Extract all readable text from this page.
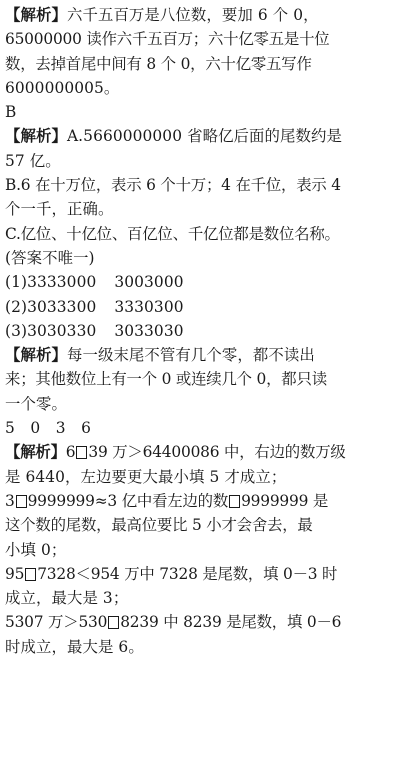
【解析】六千五百万是八位数，要加 6 个 0，
65000000 读作六千五百万；六十亿零五是十位
数，去掉首尾中间有 8 个 0，六十亿零五写作
6000000005。
B
【解析】A.5660000000 省略亿后面的尾数约是
57 亿。
B.6 在十万位，表示 6 个十万；4 在千位，表示 4
个一千，正确。
C.亿位、十亿位、百亿位、千亿位都是数位名称。
(答案不唯一)
(1)3333000 3003000
(2)3033300 3330300
(3)3030330 3033030
【解析】每一级末尾不管有几个零，都不读出
来；其他数位上有一个 0 或连续几个 0，都只读
一个零。
5　0　3　6
【解析】6 39 万＞64400086 中，右边的数万级
是 6440，左边要更大最小填 5 才成立；
3 9999999≈3 亿中看左边的数 9999999 是
这个数的尾数，最高位要比 5 小才会舍去，最
小填 0；
95 7328＜954 万中 7328 是尾数，填 0－3 时
成立，最大是 3；
5307 万＞530 8239 中 8239 是尾数，填 0－6
时成立，最大是 6。
